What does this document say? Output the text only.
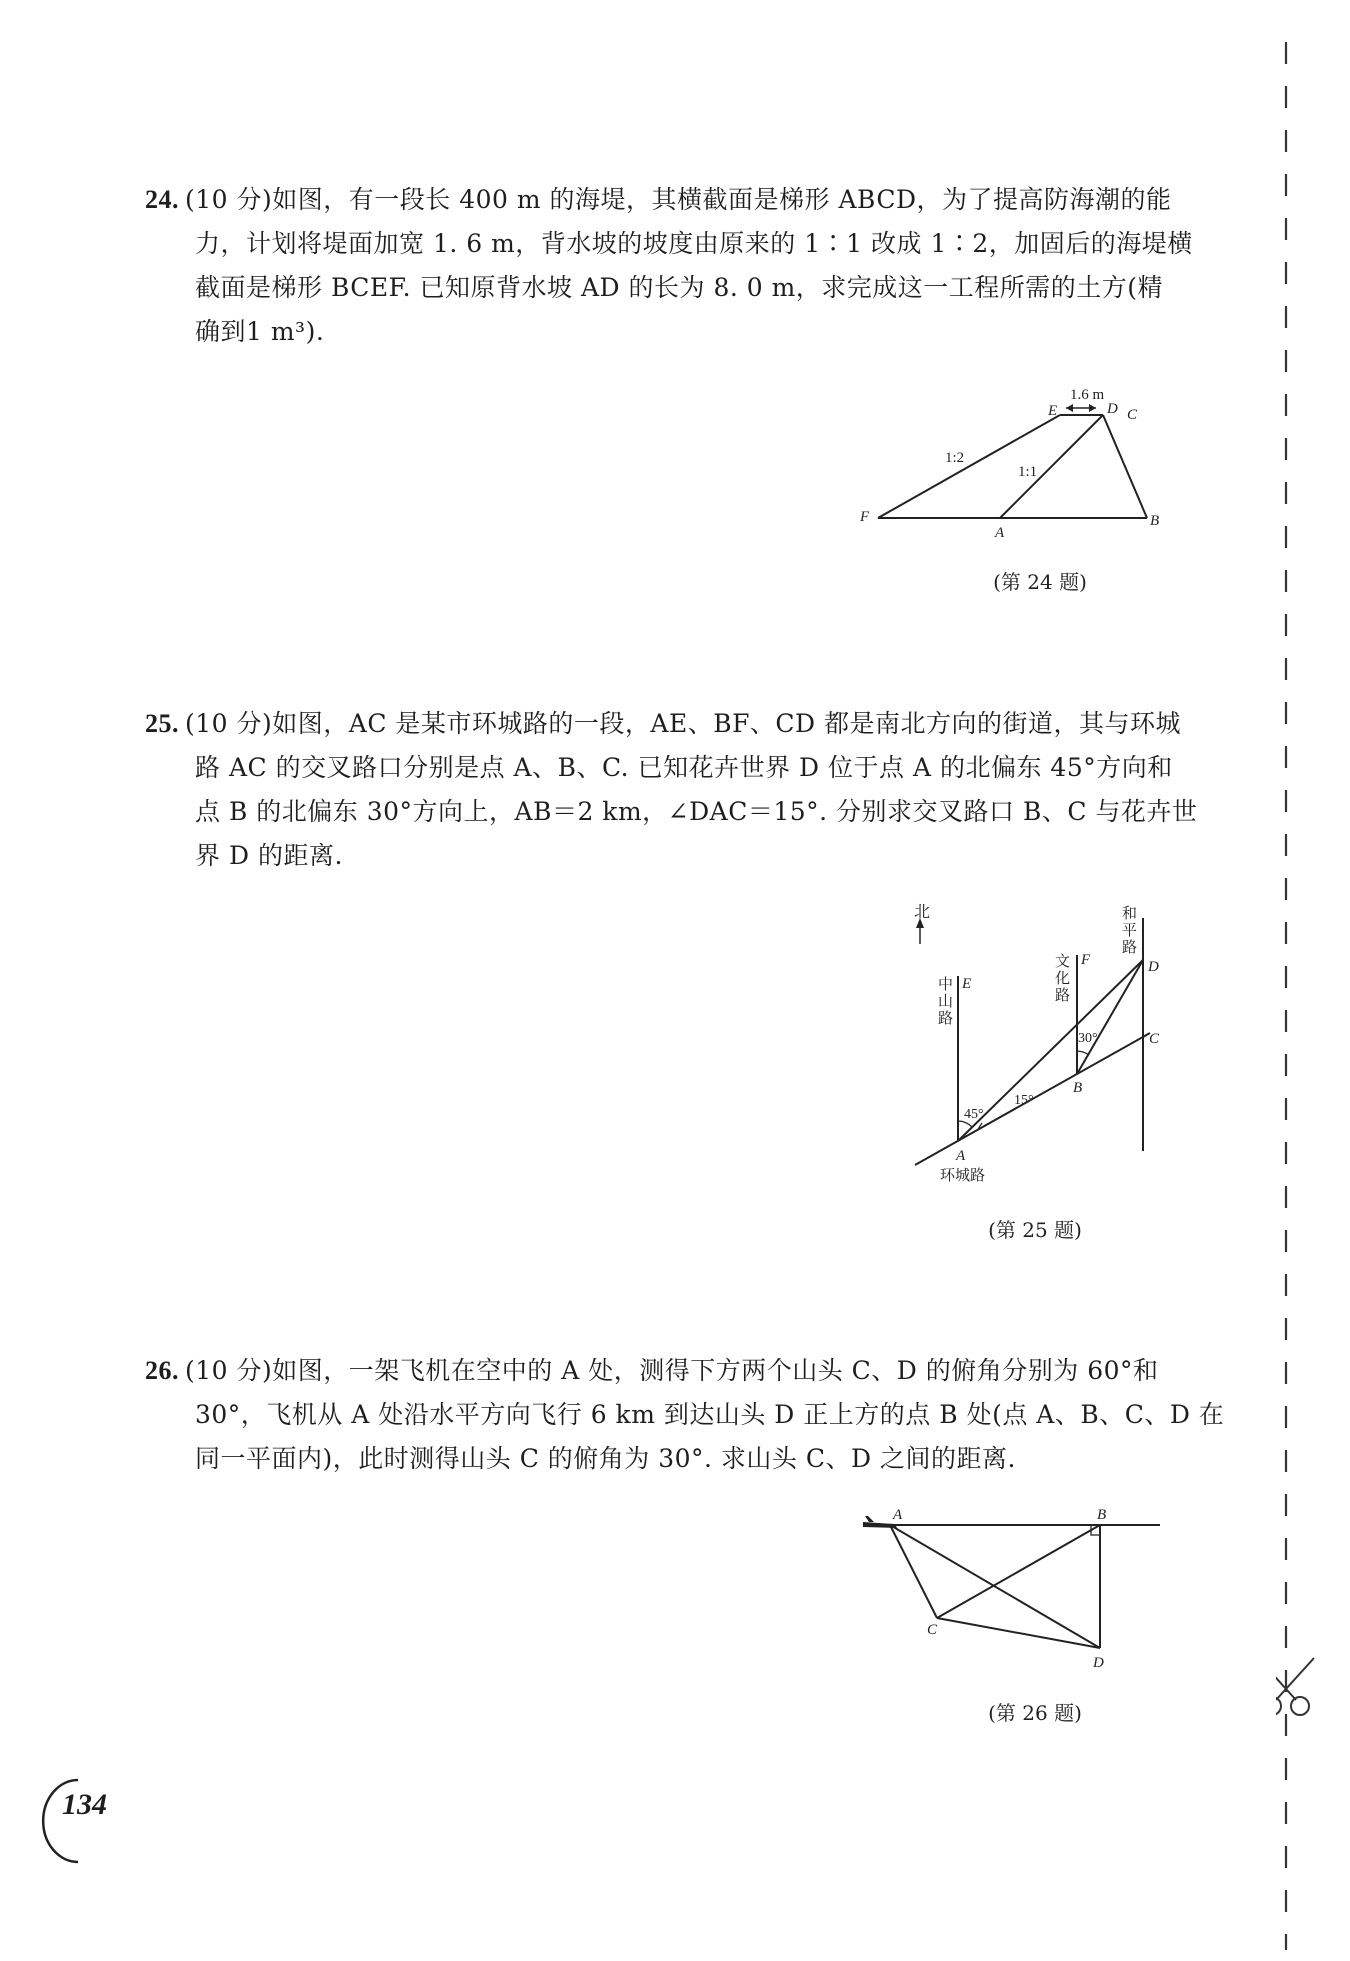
24. (10 分)如图，有一段长 400 m 的海堤，其横截面是梯形 ABCD，为了提高防海潮的能
力，计划将堤面加宽 1. 6 m，背水坡的坡度由原来的 1∶1 改成 1∶2，加固后的海堤横
截面是梯形 BCEF. 已知原背水坡 AD 的长为 8. 0 m，求完成这一工程所需的土方(精
确到1 m³).
1.6 m
E	D C
F
A
B
1:2
1:1
(第 24 题)
25. (10 分)如图，AC 是某市环城路的一段，AE、BF、CD 都是南北方向的街道，其与环城
路 AC 的交叉路口分别是点 A、B、C. 已知花卉世界 D 位于点 A 的北偏东 45°方向和
点 B 的北偏东 30°方向上，AB＝2 km，∠DAC＝15°. 分别求交叉路口 B、C 与花卉世
界 D 的距离.
北
E
F	D
C
B
A
45°
15°
30°
环城路
中山路
文化路
和平路
(第 25 题)
26. (10 分)如图，一架飞机在空中的 A 处，测得下方两个山头 C、D 的俯角分别为 60°和
30°，飞机从 A 处沿水平方向飞行 6 km 到达山头 D 正上方的点 B 处(点 A、B、C、D 在
同一平面内)，此时测得山头 C 的俯角为 30°. 求山头 C、D 之间的距离.
A	B
C
D
(第 26 题)
134
